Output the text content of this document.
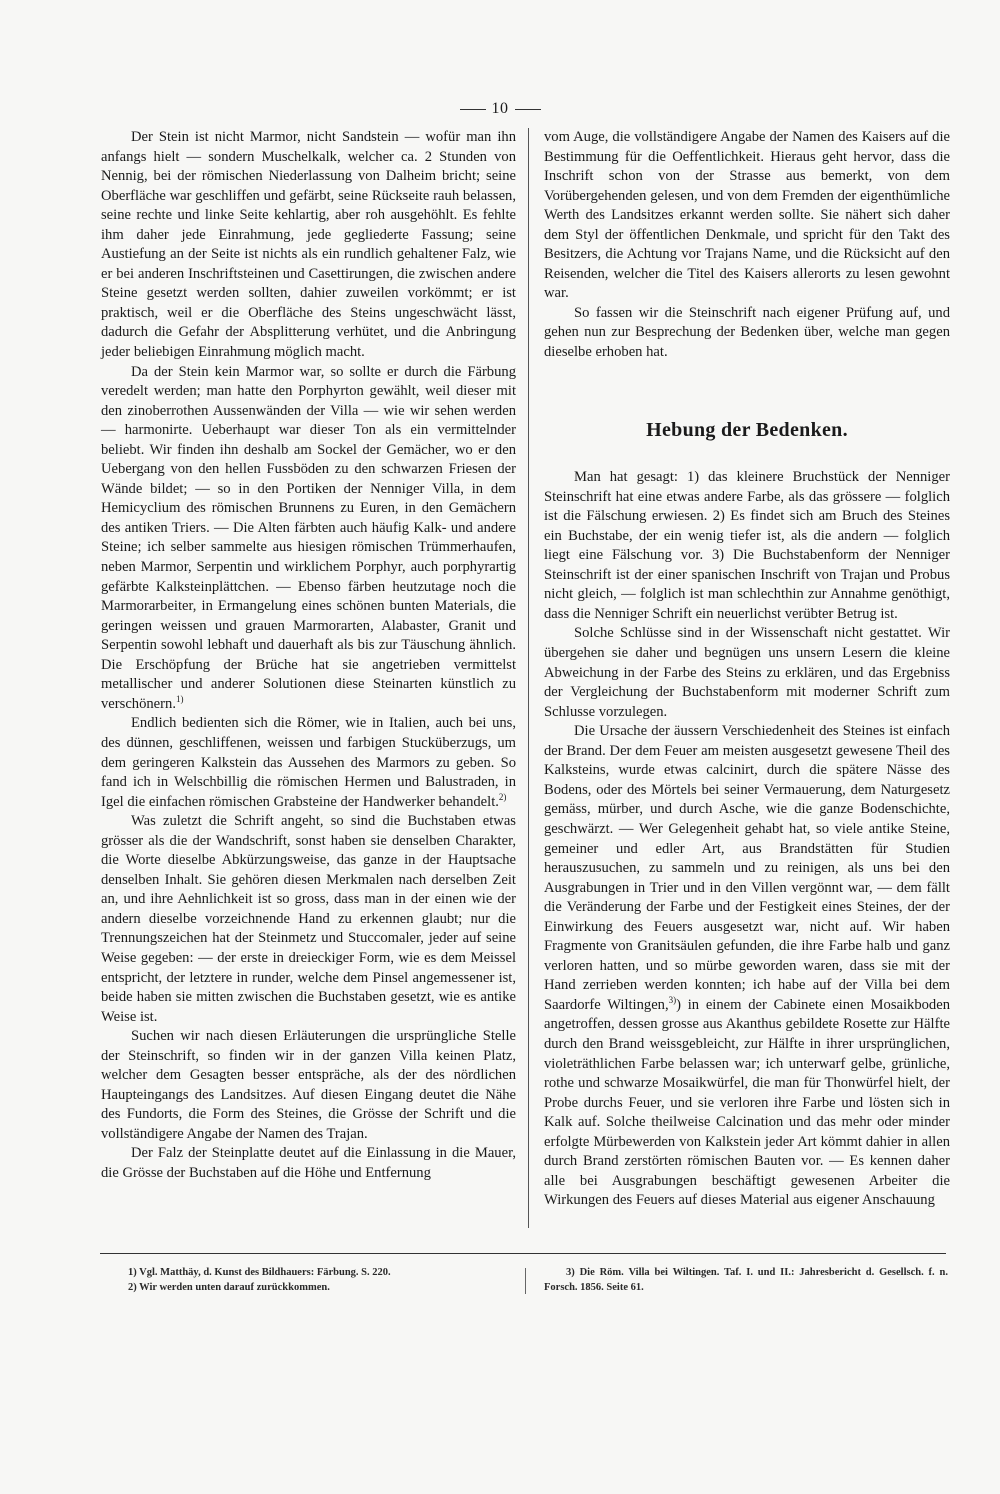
10

Der Stein ist nicht Marmor, nicht Sandstein — wofür man ihn anfangs hielt — sondern Muschelkalk, welcher ca. 2 Stunden von Nennig, bei der römischen Niederlassung von Dalheim bricht; seine Oberfläche war geschliffen und gefärbt, seine Rückseite rauh belassen, seine rechte und linke Seite kehlartig, aber roh ausgehöhlt. Es fehlte ihm daher jede Einrahmung, jede gegliederte Fassung; seine Austiefung an der Seite ist nichts als ein rundlich gehaltener Falz, wie er bei anderen Inschriftsteinen und Casettirungen, die zwischen andere Steine gesetzt werden sollten, dahier zuweilen vorkömmt; er ist praktisch, weil er die Oberfläche des Steins ungeschwächt lässt, dadurch die Gefahr der Absplitterung verhütet, und die Anbringung jeder beliebigen Einrahmung möglich macht.

Da der Stein kein Marmor war, so sollte er durch die Färbung veredelt werden; man hatte den Porphyrton gewählt, weil dieser mit den zinoberrothen Aussenwänden der Villa — wie wir sehen werden — harmonirte. Ueberhaupt war dieser Ton als ein vermittelnder beliebt. Wir finden ihn deshalb am Sockel der Gemächer, wo er den Uebergang von den hellen Fussböden zu den schwarzen Friesen der Wände bildet; — so in den Portiken der Nenniger Villa, in dem Hemicyclium des römischen Brunnens zu Euren, in den Gemächern des antiken Triers. — Die Alten färbten auch häufig Kalk- und andere Steine; ich selber sammelte aus hiesigen römischen Trümmerhaufen, neben Marmor, Serpentin und wirklichem Porphyr, auch porphyrartig gefärbte Kalksteinplättchen. — Ebenso färben heutzutage noch die Marmorarbeiter, in Ermangelung eines schönen bunten Materials, die geringen weissen und grauen Marmorarten, Alabaster, Granit und Serpentin sowohl lebhaft und dauerhaft als bis zur Täuschung ähnlich. Die Erschöpfung der Brüche hat sie angetrieben vermittelst metallischer und anderer Solutionen diese Steinarten künstlich zu verschönern.$^{1)}$

Endlich bedienten sich die Römer, wie in Italien, auch bei uns, des dünnen, geschliffenen, weissen und farbigen Stucküberzugs, um dem geringeren Kalkstein das Aussehen des Marmors zu geben. So fand ich in Welschbillig die römischen Hermen und Balustraden, in Igel die einfachen römischen Grabsteine der Handwerker behandelt.$^{2)}$

Was zuletzt die Schrift angeht, so sind die Buchstaben etwas grösser als die der Wandschrift, sonst haben sie denselben Charakter, die Worte dieselbe Abkürzungsweise, das ganze in der Hauptsache denselben Inhalt. Sie gehören diesen Merkmalen nach derselben Zeit an, und ihre Aehnlichkeit ist so gross, dass man in der einen wie der andern dieselbe vorzeichnende Hand zu erkennen glaubt; nur die Trennungszeichen hat der Steinmetz und Stuccomaler, jeder auf seine Weise gegeben: — der erste in dreieckiger Form, wie es dem Meissel entspricht, der letztere in runder, welche dem Pinsel angemessener ist, beide haben sie mitten zwischen die Buchstaben gesetzt, wie es antike Weise ist.

Suchen wir nach diesen Erläuterungen die ursprüngliche Stelle der Steinschrift, so finden wir in der ganzen Villa keinen Platz, welcher dem Gesagten besser entspräche, als der des nördlichen Haupteingangs des Landsitzes. Auf diesen Eingang deutet die Nähe des Fundorts, die Form des Steines, die Grösse der Schrift und die vollständigere Angabe der Namen des Trajan.

Der Falz der Steinplatte deutet auf die Einlassung in die Mauer, die Grösse der Buchstaben auf die Höhe und Entfernung

vom Auge, die vollständigere Angabe der Namen des Kaisers auf die Bestimmung für die Oeffentlichkeit. Hieraus geht hervor, dass die Inschrift schon von der Strasse aus bemerkt, von dem Vorübergehenden gelesen, und von dem Fremden der eigenthümliche Werth des Landsitzes erkannt werden sollte. Sie nähert sich daher dem Styl der öffentlichen Denkmale, und spricht für den Takt des Besitzers, die Achtung vor Trajans Name, und die Rücksicht auf den Reisenden, welcher die Titel des Kaisers allerorts zu lesen gewohnt war.

So fassen wir die Steinschrift nach eigener Prüfung auf, und gehen nun zur Besprechung der Bedenken über, welche man gegen dieselbe erhoben hat.

Hebung der Bedenken.

Man hat gesagt: 1) das kleinere Bruchstück der Nenniger Steinschrift hat eine etwas andere Farbe, als das grössere — folglich ist die Fälschung erwiesen. 2) Es findet sich am Bruch des Steines ein Buchstabe, der ein wenig tiefer ist, als die andern — folglich liegt eine Fälschung vor. 3) Die Buchstabenform der Nenniger Steinschrift ist der einer spanischen Inschrift von Trajan und Probus nicht gleich, — folglich ist man schlechthin zur Annahme genöthigt, dass die Nenniger Schrift ein neuerlichst verübter Betrug ist.

Solche Schlüsse sind in der Wissenschaft nicht gestattet. Wir übergehen sie daher und begnügen uns unsern Lesern die kleine Abweichung in der Farbe des Steins zu erklären, und das Ergebniss der Vergleichung der Buchstabenform mit moderner Schrift zum Schlusse vorzulegen.

Die Ursache der äussern Verschiedenheit des Steines ist einfach der Brand. Der dem Feuer am meisten ausgesetzt gewesene Theil des Kalksteins, wurde etwas calcinirt, durch die spätere Nässe des Bodens, oder des Mörtels bei seiner Vermauerung, dem Naturgesetz gemäss, mürber, und durch Asche, wie die ganze Bodenschichte, geschwärzt. — Wer Gelegenheit gehabt hat, so viele antike Steine, gemeiner und edler Art, aus Brandstätten für Studien herauszusuchen, zu sammeln und zu reinigen, als uns bei den Ausgrabungen in Trier und in den Villen vergönnt war, — dem fällt die Veränderung der Farbe und der Festigkeit eines Steines, der der Einwirkung des Feuers ausgesetzt war, nicht auf. Wir haben Fragmente von Granitsäulen gefunden, die ihre Farbe halb und ganz verloren hatten, und so mürbe geworden waren, dass sie mit der Hand zerrieben werden konnten; ich habe auf der Villa bei dem Saardorfe Wiltingen,$^{3)}$) in einem der Cabinete einen Mosaikboden angetroffen, dessen grosse aus Akanthus gebildete Rosette zur Hälfte durch den Brand weissgebleicht, zur Hälfte in ihrer ursprünglichen, violeträthlichen Farbe belassen war; ich unterwarf gelbe, grünliche, rothe und schwarze Mosaikwürfel, die man für Thonwürfel hielt, der Probe durchs Feuer, und sie verloren ihre Farbe und lösten sich in Kalk auf. Solche theilweise Calcination und das mehr oder minder erfolgte Mürbewerden von Kalkstein jeder Art kömmt dahier in allen durch Brand zerstörten römischen Bauten vor. — Es kennen daher alle bei Ausgrabungen beschäftigt gewesenen Arbeiter die Wirkungen des Feuers auf dieses Material aus eigener Anschauung

1) Vgl. Matthäy, d. Kunst des Bildhauers: Färbung. S. 220.
2) Wir werden unten darauf zurückkommen.
3) Die Röm. Villa bei Wiltingen. Taf. I. und II.: Jahresbericht d. Gesellsch. f. n. Forsch. 1856. Seite 61.
